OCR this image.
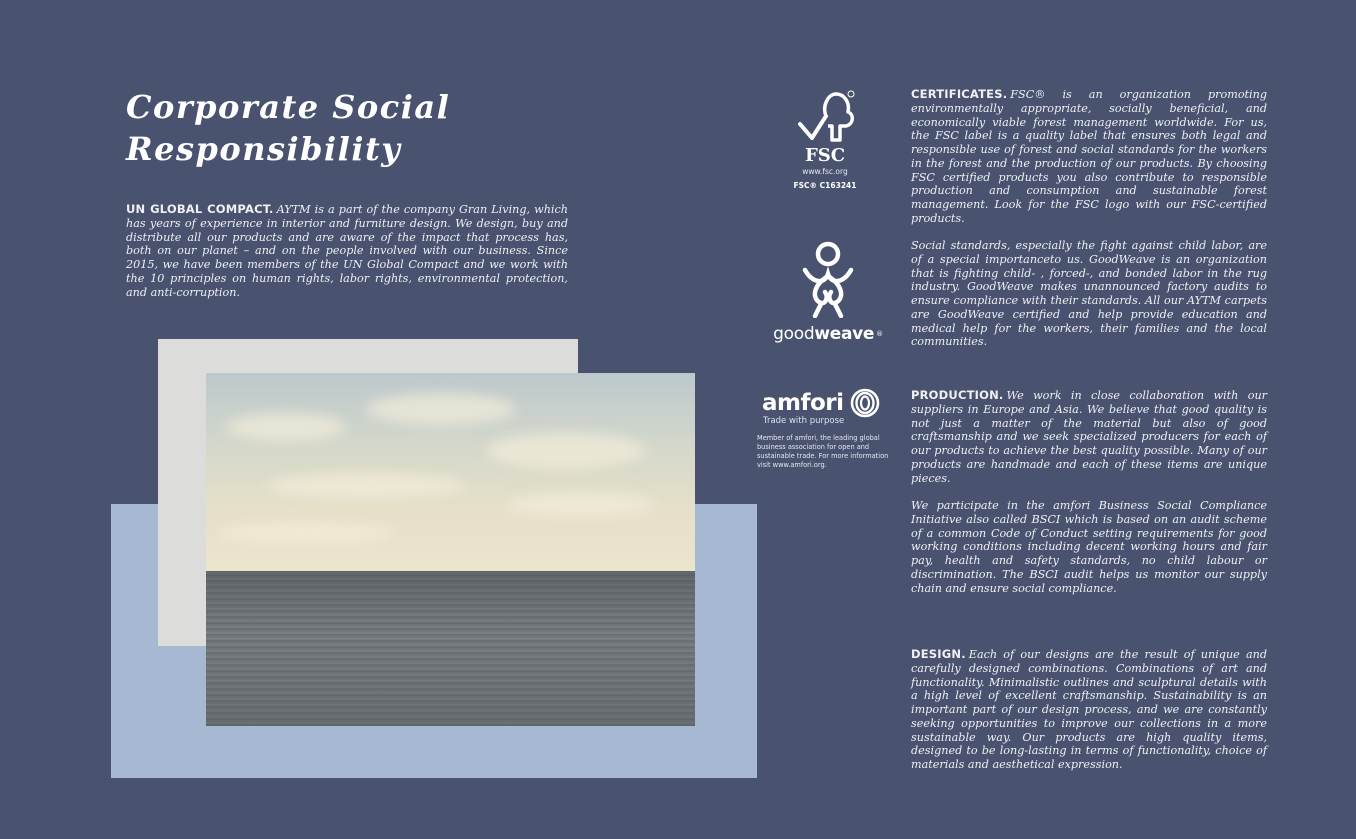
Corporate Social Responsibility

UN GLOBAL COMPACT. AYTM is a part of the company Gran Living, which has years of experience in interior and furniture design. We design, buy and distribute all our products and are aware of the impact that process has, both on our planet – and on the people involved with our business. Since 2015, we have been members of the UN Global Compact and we work with the 10 principles on human rights, labor rights, environmental protection, and anti-corruption.

FSC
www.fsc.org
FSC® C163241
goodweave ®
amfori
Trade with purpose
Member of amfori, the leading global business association for open and sustainable trade. For more information visit www.amfori.org.

CERTIFICATES. FSC® is an organization promoting environmentally appropriate, socially beneficial, and economically viable forest management worldwide. For us, the FSC label is a quality label that ensures both legal and responsible use of forest and social standards for the workers in the forest and the production of our products. By choosing FSC certified products you also contribute to responsible production and consumption and sustainable forest management. Look for the FSC logo with our FSC-certified products.

Social standards, especially the fight against child labor, are of a special importanceto us. GoodWeave is an organization that is fighting child- , forced-, and bonded labor in the rug industry. GoodWeave makes unannounced factory audits to ensure compliance with their standards. All our AYTM carpets are GoodWeave certified and help provide education and medical help for the workers, their families and the local communities.

PRODUCTION. We work in close collaboration with our suppliers in Europe and Asia. We believe that good quality is not just a matter of the material but also of good craftsmanship and we seek specialized producers for each of our products to achieve the best quality possible. Many of our products are handmade and each of these items are unique pieces.

We participate in the amfori Business Social Compliance Initiative also called BSCI which is based on an audit scheme of a common Code of Conduct setting requirements for good working conditions including decent working hours and fair pay, health and safety standards, no child labour or discrimination. The BSCI audit helps us monitor our supply chain and ensure social compliance.

DESIGN. Each of our designs are the result of unique and carefully designed combinations. Combinations of art and functionality. Minimalistic outlines and sculptural details with a high level of excellent craftsmanship. Sustainability is an important part of our design process, and we are constantly seeking opportunities to improve our collections in a more sustainable way. Our products are high quality items, designed to be long-lasting in terms of functionality, choice of materials and aesthetical expression.
